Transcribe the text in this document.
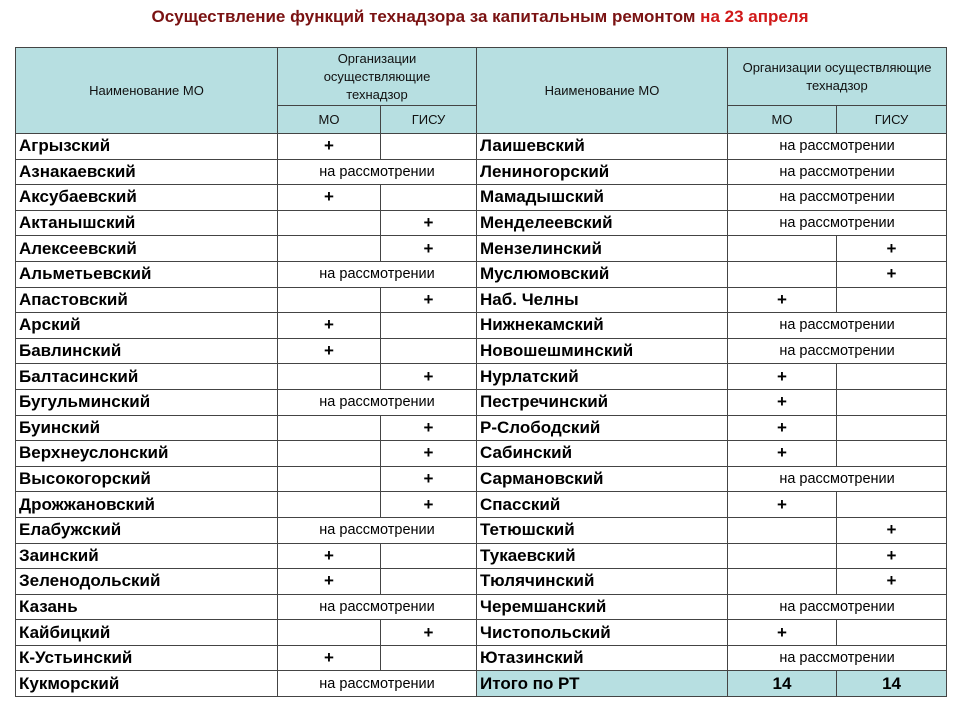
Осуществление функций технадзора за капитальным ремонтом на 23 апреля
Наименование МО	Организации осуществляющие технадзор		Наименование МО	Организации осуществляющие технадзор	
	МО	ГИСУ		МО	ГИСУ
Агрызский	+		Лаишевский	на рассмотрении	
Азнакаевский	на рассмотрении		Лениногорский	на рассмотрении	
Аксубаевский	+		Мамадышский	на рассмотрении	
Актанышский		+	Менделеевский	на рассмотрении	
Алексеевский		+	Мензелинский		+
Альметьевский	на рассмотрении		Муслюмовский		+
Апастовский		+	Наб. Челны	+	
Арский	+		Нижнекамский	на рассмотрении	
Бавлинский	+		Новошешминский	на рассмотрении	
Балтасинский		+	Нурлатский	+	
Бугульминский	на рассмотрении		Пестречинский	+	
Буинский		+	Р-Слободский	+	
Верхнеуслонский		+	Сабинский	+	
Высокогорский		+	Сармановский	на рассмотрении	
Дрожжановский		+	Спасский	+	
Елабужский	на рассмотрении		Тетюшский		+
Заинский	+		Тукаевский		+
Зеленодольский	+		Тюлячинский		+
Казань	на рассмотрении		Черемшанский	на рассмотрении	
Кайбицкий		+	Чистопольский	+	
К-Устьинский	+		Ютазинский	на рассмотрении	
Кукморский	на рассмотрении		Итого по РТ	14	14
